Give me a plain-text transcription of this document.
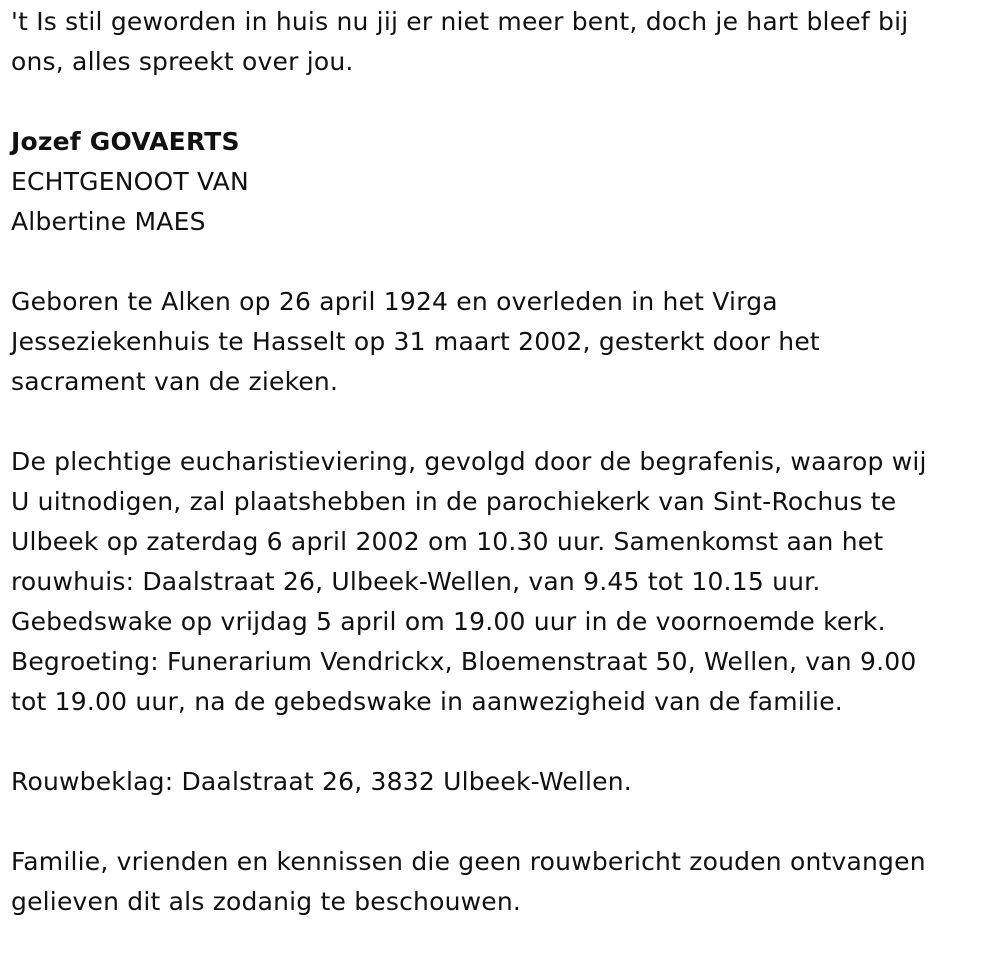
't Is stil geworden in huis nu jij er niet meer bent, doch je hart bleef bij
ons, alles spreekt over jou.

Jozef GOVAERTS

ECHTGENOOT VAN

Albertine MAES

Geboren te Alken op 26 april 1924 en overleden in het Virga
Jesseziekenhuis te Hasselt op 31 maart 2002, gesterkt door het
sacrament van de zieken.

De plechtige eucharistieviering, gevolgd door de begrafenis, waarop wij
U uitnodigen, zal plaatshebben in de parochiekerk van Sint-Rochus te
Ulbeek op zaterdag 6 april 2002 om 10.30 uur. Samenkomst aan het
rouwhuis: Daalstraat 26, Ulbeek-Wellen, van 9.45 tot 10.15 uur.
Gebedswake op vrijdag 5 april om 19.00 uur in de voornoemde kerk.
Begroeting: Funerarium Vendrickx, Bloemenstraat 50, Wellen, van 9.00
tot 19.00 uur, na de gebedswake in aanwezigheid van de familie.

Rouwbeklag: Daalstraat 26, 3832 Ulbeek-Wellen.

Familie, vrienden en kennissen die geen rouwbericht zouden ontvangen
gelieven dit als zodanig te beschouwen.
